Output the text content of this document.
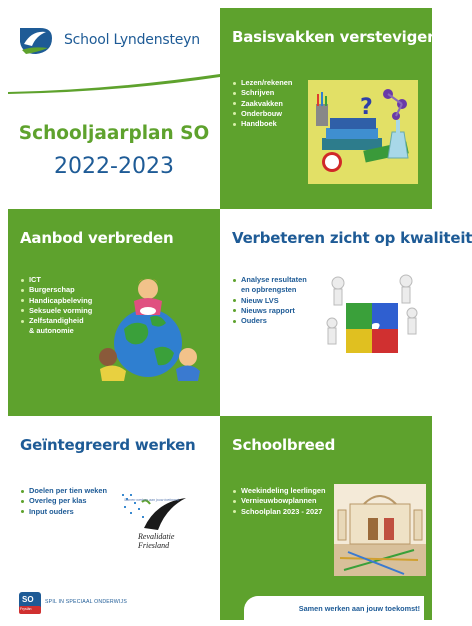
School Lyndensteyn
Schooljaarplan SO
2022-2023
Basisvakken verstevigen
Lezen/rekenen
Schrijven
Zaakvakken
Onderbouw
Handboek
?
Aanbod verbreden
ICT
Burgerschap
Handicapbeleving
Seksuele vorming
Zelfstandigheid
& autonomie
Verbeteren zicht op kwaliteit
Analyse resultaten
en opbrengsten
Nieuw LVS
Nieuws rapport
Ouders
Geïntegreerd werken
Doelen per tien weken
Overleg per klas
Input ouders
Samen werken aan jouw toekomst
Revalidatie Friesland
Schoolbreed
Weekindeling leerlingen
Vernieuwbowplannen
Schoolplan 2023 - 2027
SO
Fryslân
SPIL IN SPECIAAL ONDERWIJS
Samen werken aan jouw toekomst!
